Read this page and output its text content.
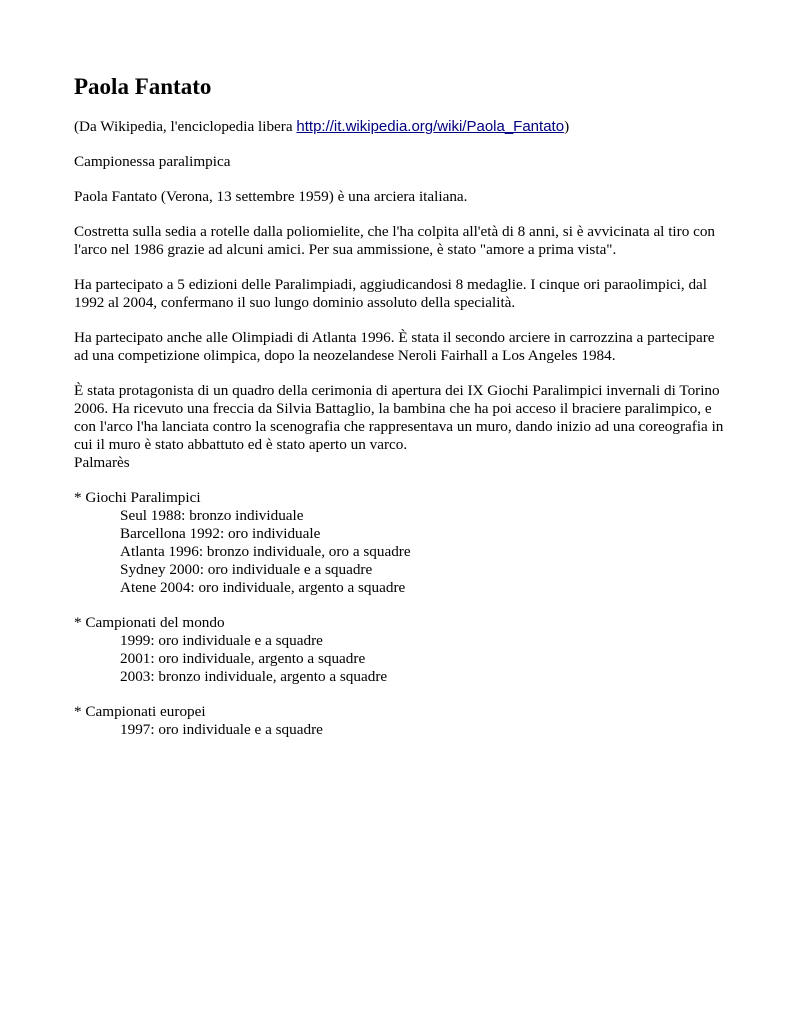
Paola Fantato

(Da Wikipedia, l'enciclopedia libera http://it.wikipedia.org/wiki/Paola_Fantato)

Campionessa paralimpica

Paola Fantato (Verona, 13 settembre 1959) è una arciera italiana.

Costretta sulla sedia a rotelle dalla poliomielite, che l'ha colpita all'età di 8 anni, si è avvicinata al tiro con l'arco nel 1986 grazie ad alcuni amici. Per sua ammissione, è stato "amore a prima vista".

Ha partecipato a 5 edizioni delle Paralimpiadi, aggiudicandosi 8 medaglie. I cinque ori paraolimpici, dal 1992 al 2004, confermano il suo lungo dominio assoluto della specialità.

Ha partecipato anche alle Olimpiadi di Atlanta 1996. È stata il secondo arciere in carrozzina a partecipare ad una competizione olimpica, dopo la neozelandese Neroli Fairhall a Los Angeles 1984.

È stata protagonista di un quadro della cerimonia di apertura dei IX Giochi Paralimpici invernali di Torino 2006. Ha ricevuto una freccia da Silvia Battaglio, la bambina che ha poi acceso il braciere paralimpico, e con l'arco l'ha lanciata contro la scenografia che rappresentava un muro, dando inizio ad una coreografia in cui il muro è stato abbattuto ed è stato aperto un varco.

Palmarès

* Giochi Paralimpici
Seul 1988: bronzo individuale
Barcellona 1992: oro individuale
Atlanta 1996: bronzo individuale, oro a squadre
Sydney 2000: oro individuale e a squadre
Atene 2004: oro individuale, argento a squadre
* Campionati del mondo
1999: oro individuale e a squadre
2001: oro individuale, argento a squadre
2003: bronzo individuale, argento a squadre
* Campionati europei
1997: oro individuale e a squadre
